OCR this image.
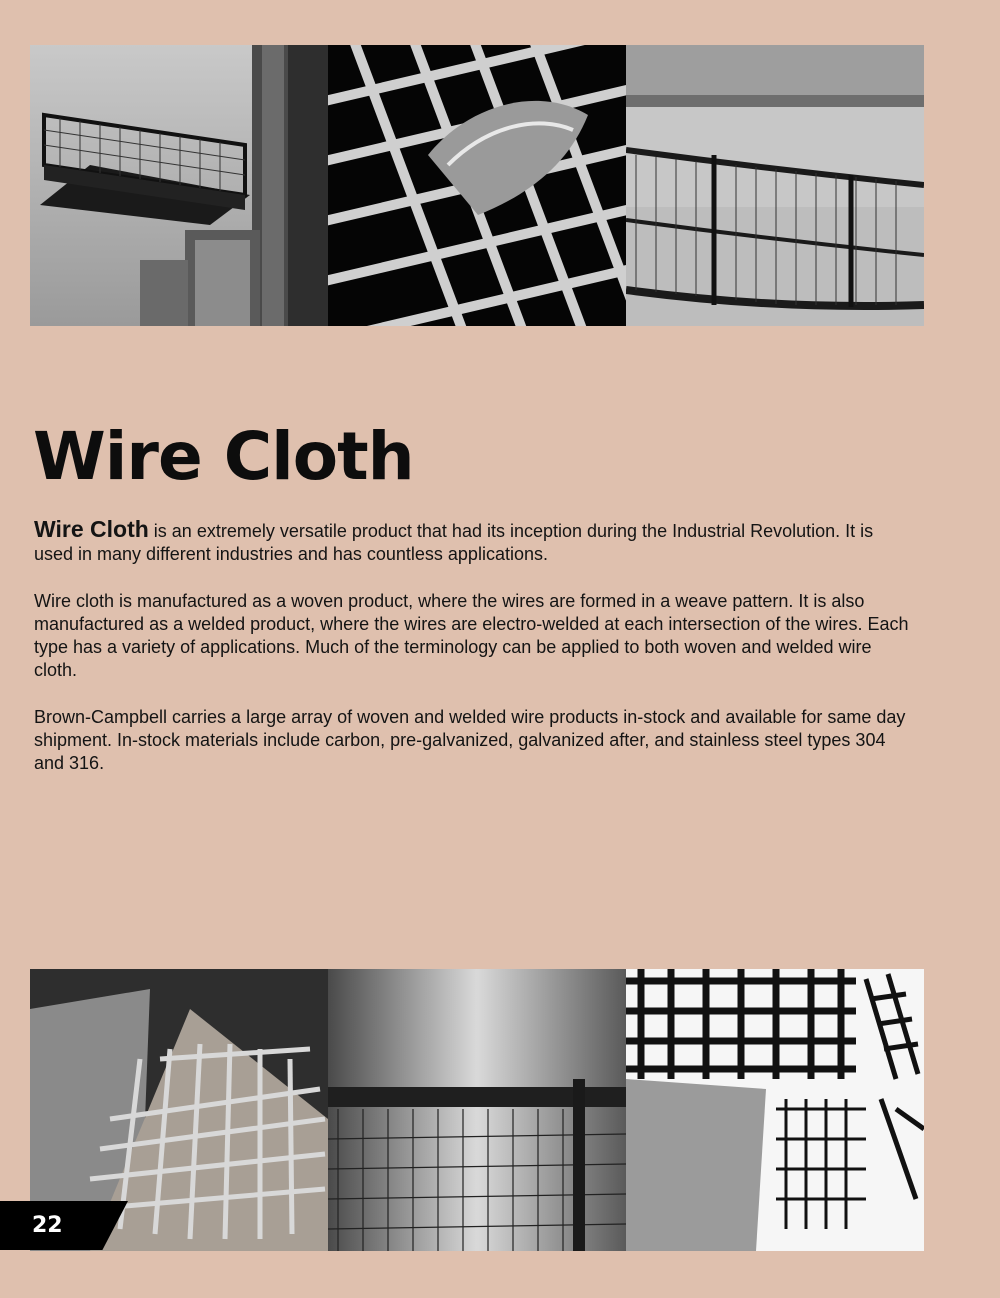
Wire Cloth

Wire Cloth is an extremely versatile product that had its inception during the Industrial Revolution. It is used in many different industries and has countless applications.

Wire cloth is manufactured as a woven product, where the wires are formed in a weave pattern. It is also manufactured as a welded product, where the wires are electro-welded at each intersection of the wires. Each type has a variety of applications. Much of the terminology can be applied to both woven and welded wire cloth.

Brown-Campbell carries a large array of woven and welded wire products in-stock and available for same day shipment. In-stock materials include carbon, pre-galvanized, galvanized after, and stainless steel types 304 and 316.

22
